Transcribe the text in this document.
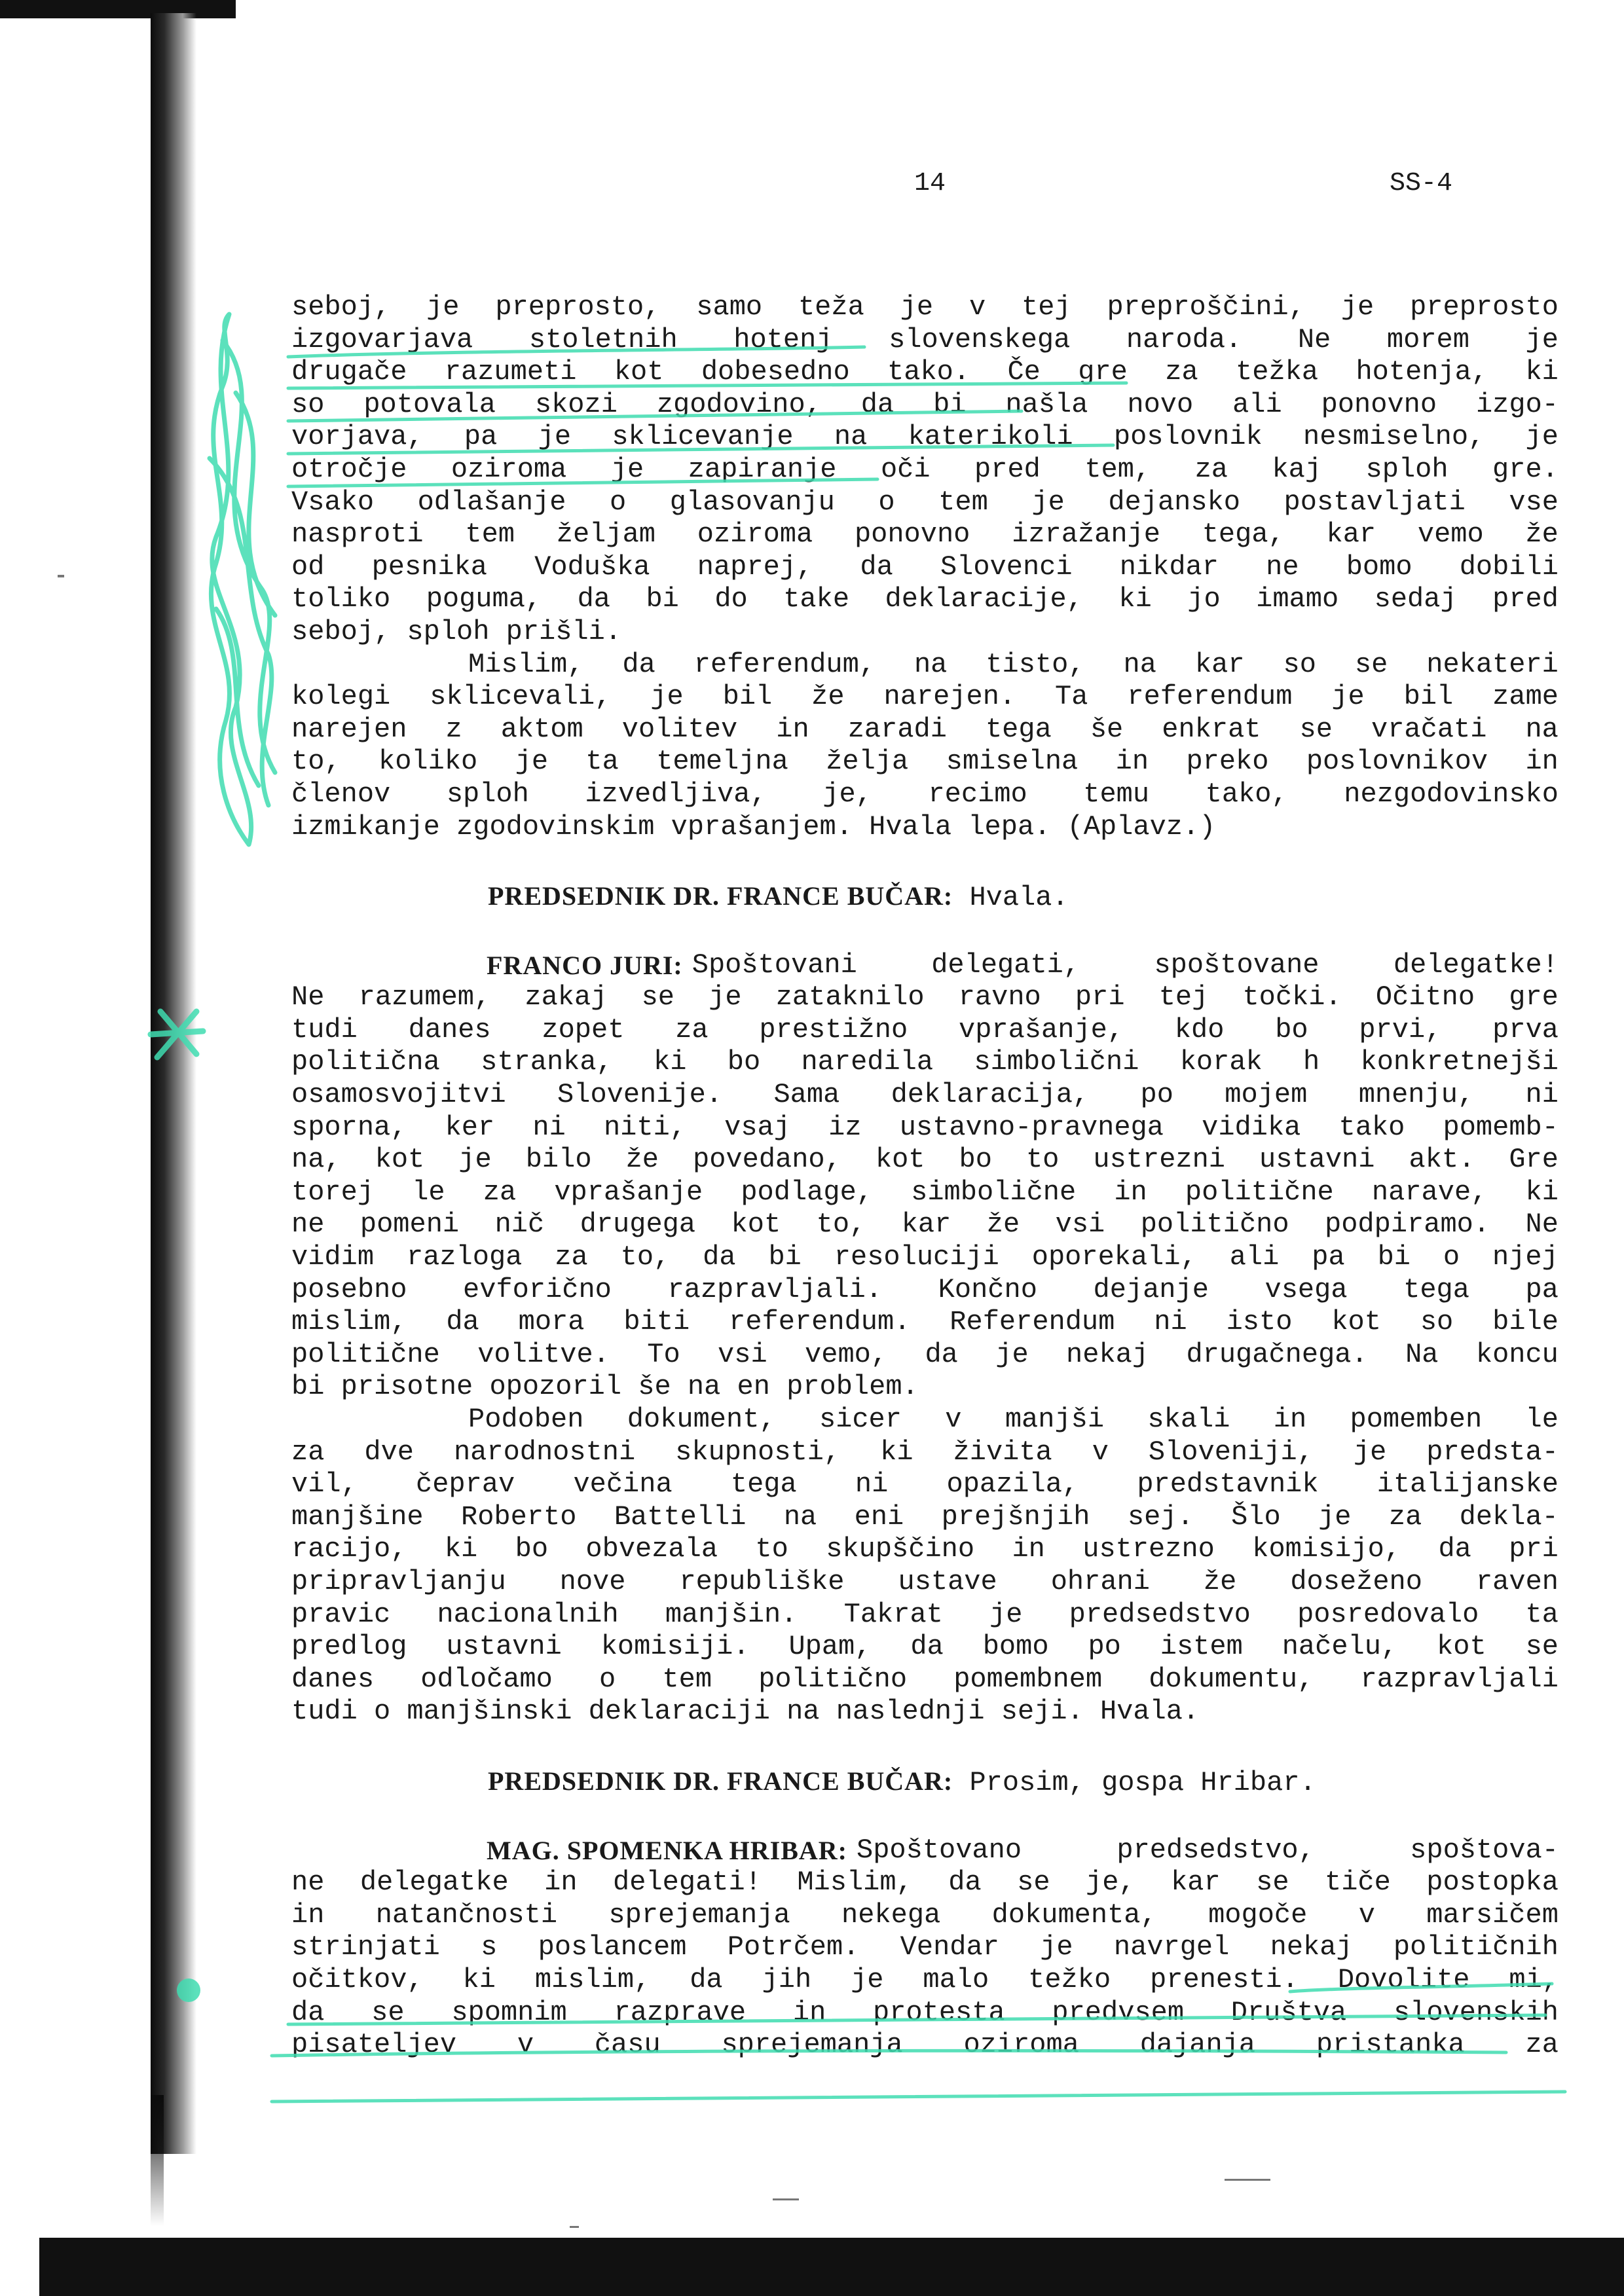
14	SS-4
seboj, je preprosto, samo teža je v tej preproščini, je preprosto
izgovarjava stoletnih hotenj slovenskega naroda. Ne morem je
drugače razumeti kot dobesedno tako. Če gre za težka hotenja, ki
so potovala skozi zgodovino, da bi našla novo ali ponovno izgo-
vorjava, pa je sklicevanje na katerikoli poslovnik nesmiselno, je
otročje oziroma je zapiranje oči pred tem, za kaj sploh gre.
Vsako odlašanje o glasovanju o tem je dejansko postavljati vse
nasproti tem željam oziroma ponovno izražanje tega, kar vemo že
od pesnika Voduška naprej, da Slovenci nikdar ne bomo dobili
toliko poguma, da bi do take deklaracije, ki jo imamo sedaj pred
seboj, sploh prišli.
Mislim, da referendum, na tisto, na kar so se nekateri
kolegi sklicevali, je bil že narejen. Ta referendum je bil zame
narejen z aktom volitev in zaradi tega še enkrat se vračati na
to, koliko je ta temeljna želja smiselna in preko poslovnikov in
členov sploh izvedljiva, je, recimo temu tako, nezgodovinsko
izmikanje zgodovinskim vprašanjem. Hvala lepa. (Aplavz.)
PREDSEDNIK DR. FRANCE BUČAR: Hvala.
FRANCO JURI: Spoštovani	delegati,	spoštovane	delegatke!
Ne razumem, zakaj se je zataknilo ravno pri tej točki. Očitno gre
tudi danes zopet za prestižno vprašanje, kdo bo prvi, prva
politična stranka, ki bo naredila simbolični korak h konkretnejši
osamosvojitvi Slovenije. Sama deklaracija, po mojem mnenju, ni
sporna, ker ni niti, vsaj iz ustavno-pravnega vidika tako pomemb-
na, kot je bilo že povedano, kot bo to ustrezni ustavni akt. Gre
torej le za vprašanje podlage, simbolične in politične narave, ki
ne pomeni nič drugega kot to, kar že vsi politično podpiramo. Ne
vidim razloga za to, da bi resoluciji oporekali, ali pa bi o njej
posebno evforično razpravljali. Končno dejanje vsega tega pa
mislim, da mora biti referendum. Referendum ni isto kot so bile
politične volitve. To vsi vemo, da je nekaj drugačnega. Na koncu
bi prisotne opozoril še na en problem.
Podoben dokument, sicer v manjši skali in pomemben le
za dve narodnostni skupnosti, ki živita v Sloveniji, je predsta-
vil, čeprav večina tega ni opazila, predstavnik italijanske
manjšine Roberto Battelli na eni prejšnjih sej. Šlo je za dekla-
racijo, ki bo obvezala to skupščino in ustrezno komisijo, da pri
pripravljanju nove republiške ustave ohrani že doseženo raven
pravic nacionalnih manjšin. Takrat je predsedstvo posredovalo ta
predlog ustavni komisiji. Upam, da bomo po istem načelu, kot se
danes odločamo o tem politično pomembnem dokumentu, razpravljali
tudi o manjšinski deklaraciji na naslednji seji. Hvala.
PREDSEDNIK DR. FRANCE BUČAR: Prosim, gospa Hribar.
MAG. SPOMENKA HRIBAR: Spoštovano	predsedstvo,	spoštova-
ne delegatke in delegati! Mislim, da se je, kar se tiče postopka
in natančnosti sprejemanja nekega dokumenta, mogoče v marsičem
strinjati s poslancem Potrčem. Vendar je navrgel nekaj političnih
očitkov, ki mislim, da jih je malo težko prenesti. Dovolite mi,
da se spomnim razprave in protesta predvsem Društva slovenskih
pisateljev v času sprejemanja oziroma dajanja pristanka za
